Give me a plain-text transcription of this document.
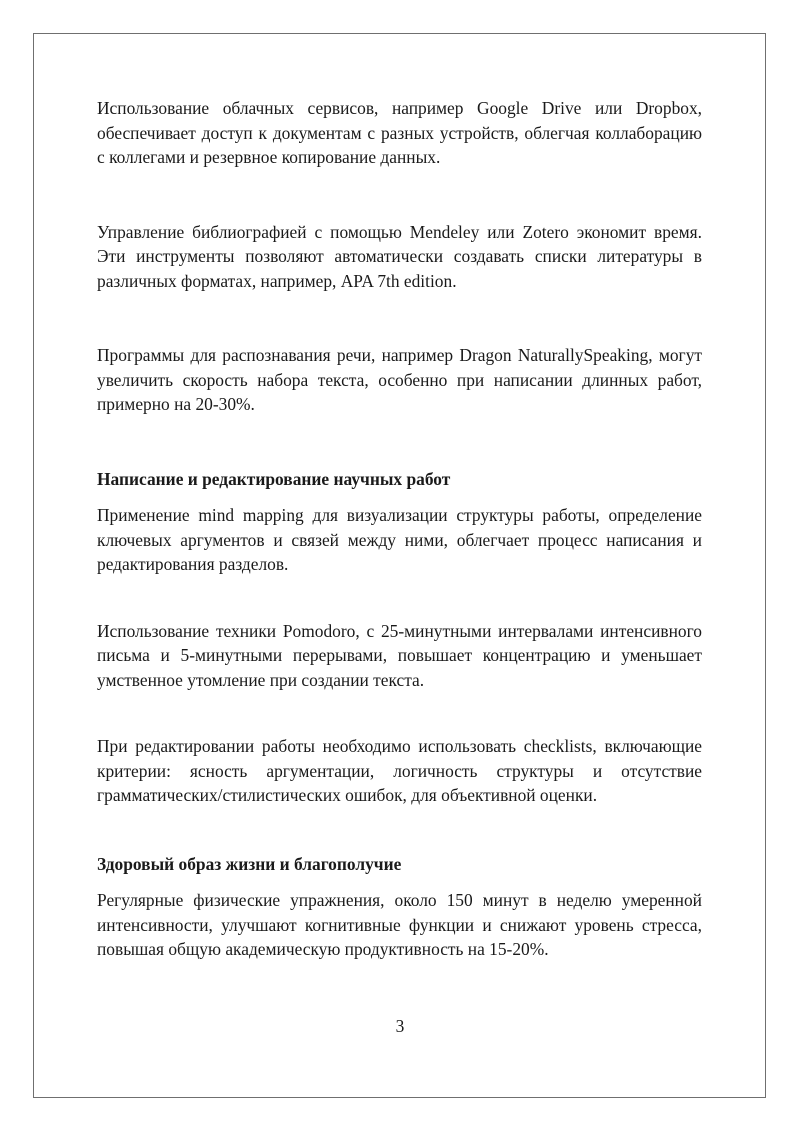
Использование облачных сервисов, например Google Drive или Dropbox, обеспечивает доступ к документам с разных устройств, облегчая коллаборацию с коллегами и резервное копирование данных.

Управление библиографией с помощью Mendeley или Zotero экономит время. Эти инструменты позволяют автоматически создавать списки литературы в различных форматах, например, APA 7th edition.

Программы для распознавания речи, например Dragon NaturallySpeaking, могут увеличить скорость набора текста, особенно при написании длинных работ, примерно на 20-30%.

Написание и редактирование научных работ

Применение mind mapping для визуализации структуры работы, определение ключевых аргументов и связей между ними, облегчает процесс написания и редактирования разделов.

Использование техники Pomodoro, с 25-минутными интервалами интенсивного письма и 5-минутными перерывами, повышает концентрацию и уменьшает умственное утомление при создании текста.

При редактировании работы необходимо использовать checklists, включающие критерии: ясность аргументации, логичность структуры и отсутствие грамматических/стилистических ошибок, для объективной оценки.

Здоровый образ жизни и благополучие

Регулярные физические упражнения, около 150 минут в неделю умеренной интенсивности, улучшают когнитивные функции и снижают уровень стресса, повышая общую академическую продуктивность на 15-20%.

3
